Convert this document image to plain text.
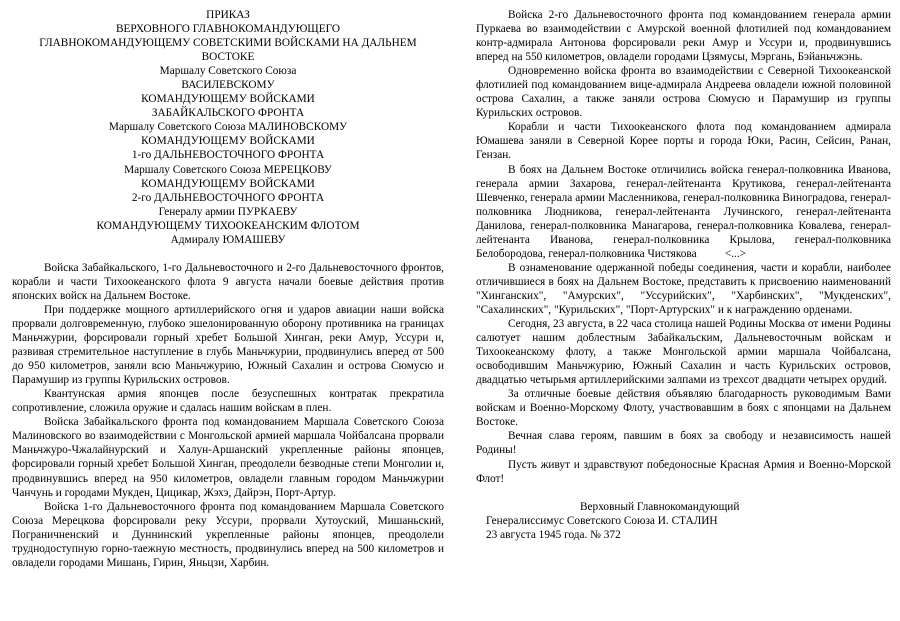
ПРИКАЗ
ВЕРХОВНОГО ГЛАВНОКОМАНДУЮЩЕГО
ГЛАВНОКОМАНДУЮЩЕМУ СОВЕТСКИМИ ВОЙСКАМИ НА ДАЛЬНЕМ
ВОСТОКЕ
Маршалу Советского Союза
ВАСИЛЕВСКОМУ
КОМАНДУЮЩЕМУ ВОЙСКАМИ
ЗАБАЙКАЛЬСКОГО ФРОНТА
Маршалу Советского Союза МАЛИНОВСКОМУ
КОМАНДУЮЩЕМУ ВОЙСКАМИ
1-го ДАЛЬНЕВОСТОЧНОГО ФРОНТА
Маршалу Советского Союза МЕРЕЦКОВУ
КОМАНДУЮЩЕМУ ВОЙСКАМИ
2-го ДАЛЬНЕВОСТОЧНОГО ФРОНТА
Генералу армии ПУРКАЕВУ
КОМАНДУЮЩЕМУ ТИХООКЕАНСКИМ ФЛОТОМ
Адмиралу ЮМАШЕВУ
Войска Забайкальского, 1-го Дальневосточного и 2-го Дальневосточного фронтов, корабли и части Тихоокеанского флота 9 августа начали боевые действия против японских войск на Дальнем Востоке.
При поддержке мощного артиллерийского огня и ударов авиации наши войска прорвали долговременную, глубоко эшелонированную оборону противника на границах Маньчжурии, форсировали горный хребет Большой Хинган, реки Амур, Уссури и, развивая стремительное наступление в глубь Маньчжурии, продвинулись вперед от 500 до 950 километров, заняли всю Маньчжурию, Южный Сахалин и острова Сюмусю и Парамушир из группы Курильских островов.
Квантунская армия японцев после безуспешных контратак прекратила сопротивление, сложила оружие и сдалась нашим войскам в плен.
Войска Забайкальского фронта под командованием Маршала Советского Союза Малиновского во взаимодействии с Монгольской армией маршала Чойбалсана прорвали Маньчжуро-Чжалайнурский и Халун-Аршанский укрепленные районы японцев, форсировали горный хребет Большой Хинган, преодолели безводные степи Монголии и, продвинувшись вперед на 950 километров, овладели главным городом Маньчжурии Чанчунь и городами Мукден, Цицикар, Жэхэ, Дайрэн, Порт-Артур.
Войска 1-го Дальневосточного фронта под командованием Маршала Советского Союза Мерецкова форсировали реку Уссури, прорвали Хутоуский, Мишаньский, Пограничненский и Дуннинский укрепленные районы японцев, преодолели труднодоступную горно-таежную местность, продвинулись вперед на 500 километров и овладели городами Мишань, Гирин, Яньцзи, Харбин.
Войска 2-го Дальневосточного фронта под командованием генерала армии Пуркаева во взаимодействии с Амурской военной флотилией под командованием контр-адмирала Антонова форсировали реки Амур и Уссури и, продвинувшись вперед на 550 километров, овладели городами Цзямусы, Мэргань, Бэйаньчжэнь.
Одновременно войска фронта во взаимодействии с Северной Тихоокеанской флотилией под командованием вице-адмирала Андреева овладели южной половиной острова Сахалин, а также заняли острова Сюмусю и Парамушир из группы Курильских островов.
Корабли и части Тихоокеанского флота под командованием адмирала Юмашева заняли в Северной Корее порты и города Юки, Расин, Сейсин, Ранан, Гензан.
В боях на Дальнем Востоке отличились войска генерал-полковника Иванова, генерала армии Захарова, генерал-лейтенанта Крутикова, генерал-лейтенанта Шевченко, генерала армии Масленникова, генерал-полковника Виноградова, генерал-полковника Людникова, генерал-лейтенанта Лучинского, генерал-лейтенанта Данилова, генерал-полковника Манагарова, генерал-полковника Ковалева, генерал-лейтенанта Иванова, генерал-полковника Крылова, генерал-полковника Белобородова, генерал-полковника Чистякова          <...>
В ознаменование одержанной победы соединения, части и корабли, наиболее отличившиеся в боях на Дальнем Востоке, представить к присвоению наименований "Хинганских", "Амурских", "Уссурийских", "Харбинских", "Мукденских", "Сахалинских", "Курильских", "Порт-Артурских" и к награждению орденами.
Сегодня, 23 августа, в 22 часа столица нашей Родины Москва от имени Родины салютует нашим доблестным Забайкальским, Дальневосточным войскам и Тихоокеанскому флоту, а также Монгольской армии маршала Чойбалсана, освободившим Маньчжурию, Южный Сахалин и часть Курильских островов, двадцатью четырьмя артиллерийскими залпами из трехсот двадцати четырех орудий.
За отличные боевые действия объявляю благодарность руководимым Вами войскам и Военно-Морскому Флоту, участвовавшим в боях с японцами на Дальнем Востоке.
Вечная слава героям, павшим в боях за свободу и независимость нашей Родины!
Пусть живут и здравствуют победоносные Красная Армия и Военно-Морской Флот!
Верховный Главнокомандующий
Генералиссимус Советского Союза И. СТАЛИН
23 августа 1945 года. № 372
